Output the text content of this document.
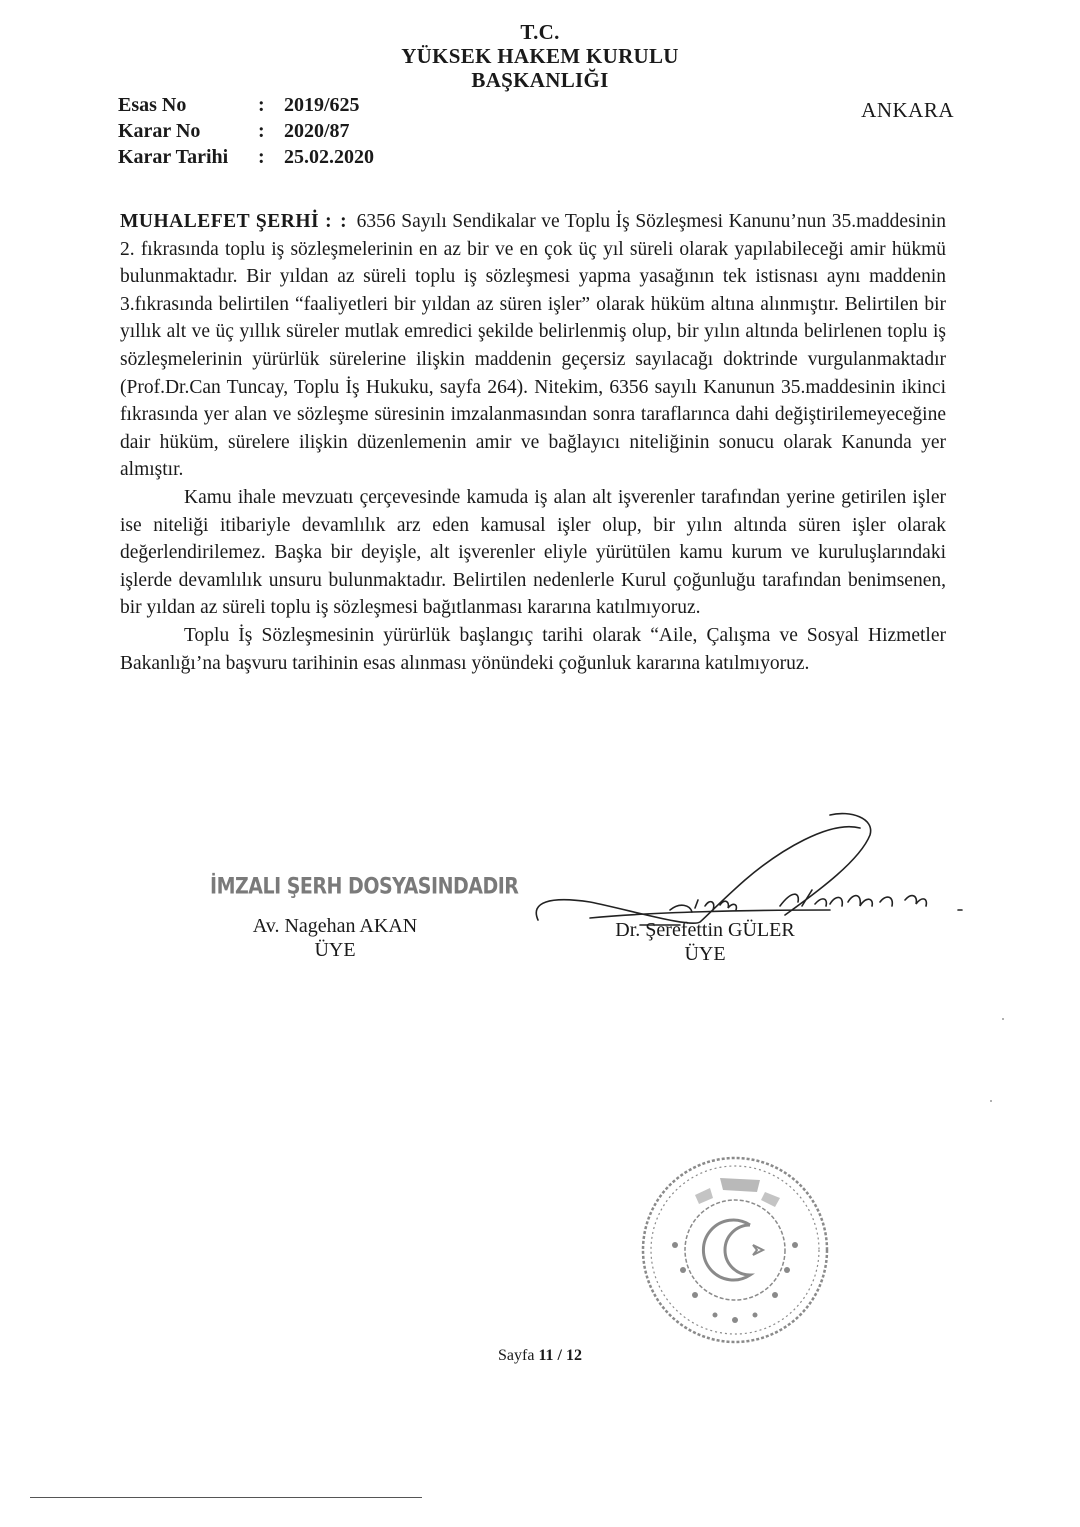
T.C.
YÜKSEK HAKEM KURULU
BAŞKANLIĞI
Esas No	: 2019/625
Karar No	: 2020/87
Karar Tarihi	: 25.02.2020
ANKARA

MUHALEFET ŞERHİ : : 6356 Sayılı Sendikalar ve Toplu İş Sözleşmesi Kanunu’nun 35.maddesinin 2. fıkrasında toplu iş sözleşmelerinin en az bir ve en çok üç yıl süreli olarak yapılabileceği amir hükmü bulunmaktadır. Bir yıldan az süreli toplu iş sözleşmesi yapma yasağının tek istisnası aynı maddenin 3.fıkrasında belirtilen “faaliyetleri bir yıldan az süren işler” olarak hüküm altına alınmıştır. Belirtilen bir yıllık alt ve üç yıllık süreler mutlak emredici şekilde belirlenmiş olup, bir yılın altında belirlenen toplu iş sözleşmelerinin yürürlük sürelerine ilişkin maddenin geçersiz sayılacağı doktrinde vurgulanmaktadır (Prof.Dr.Can Tuncay, Toplu İş Hukuku, sayfa 264). Nitekim, 6356 sayılı Kanunun 35.maddesinin ikinci fıkrasında yer alan ve sözleşme süresinin imzalanmasından sonra taraflarınca dahi değiştirilemeyeceğine dair hüküm, sürelere ilişkin düzenlemenin amir ve bağlayıcı niteliğinin sonucu olarak Kanunda yer almıştır.

Kamu ihale mevzuatı çerçevesinde kamuda iş alan alt işverenler tarafından yerine getirilen işler ise niteliği itibariyle devamlılık arz eden kamusal işler olup, bir yılın altında süren işler olarak değerlendirilemez. Başka bir deyişle, alt işverenler eliyle yürütülen kamu kurum ve kuruluşlarındaki işlerde devamlılık unsuru bulunmaktadır. Belirtilen nedenlerle Kurul çoğunluğu tarafından benimsenen, bir yıldan az süreli toplu iş sözleşmesi bağıtlanması kararına katılmıyoruz.

Toplu İş Sözleşmesinin yürürlük başlangıç tarihi olarak “Aile, Çalışma ve Sosyal Hizmetler Bakanlığı’na başvuru tarihinin esas alınması yönündeki çoğunluk kararına katılmıyoruz.

İMZALI ŞERH DOSYASINDADIR
Av. Nagehan AKAN
ÜYE
Dr. Şerefettin GÜLER
ÜYE
Sayfa 11 / 12
